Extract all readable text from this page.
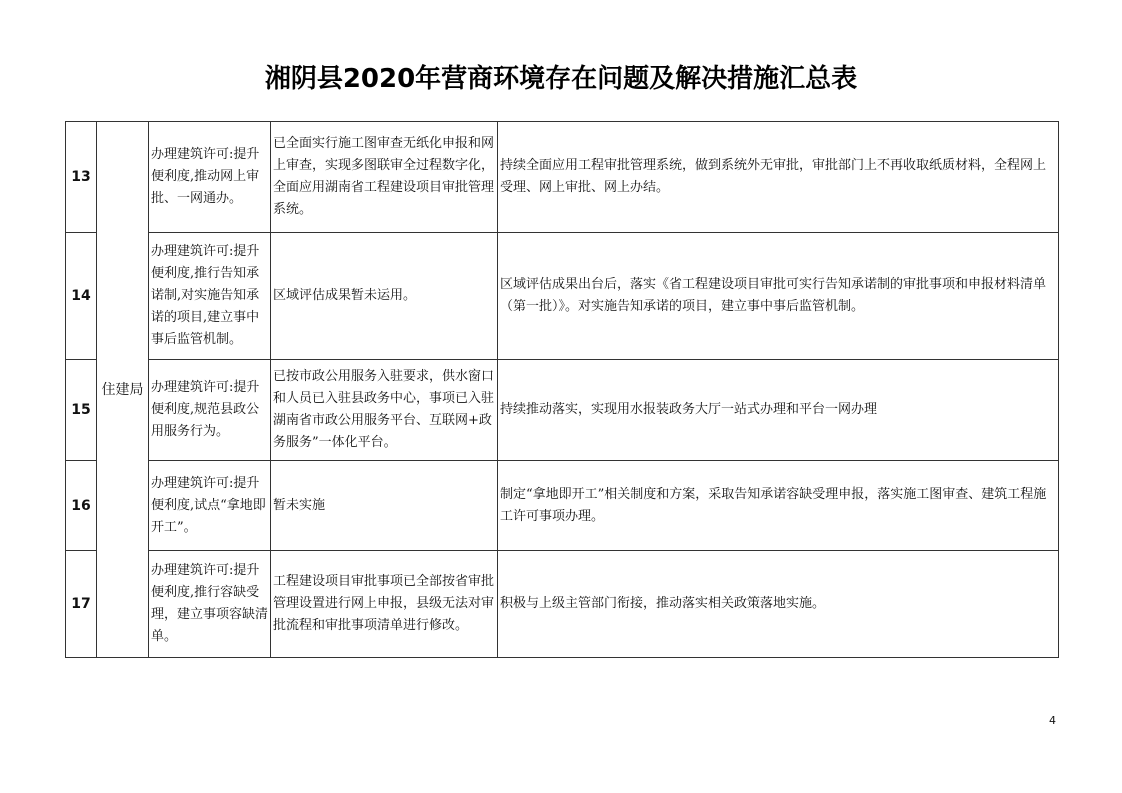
湘阴县2020年营商环境存在问题及解决措施汇总表
13	住建局	办理建筑许可:提升便利度,推动网上审批、一网通办。	已全面实行施工图审查无纸化申报和网上审查，实现多图联审全过程数字化，全面应用湖南省工程建设项目审批管理系统。	持续全面应用工程审批管理系统，做到系统外无审批，审批部门上不再收取纸质材料，全程网上受理、网上审批、网上办结。
14		办理建筑许可:提升便利度,推行告知承诺制,对实施告知承诺的项目,建立事中事后监管机制。	区域评估成果暂未运用。	区域评估成果出台后，落实《省工程建设项目审批可实行告知承诺制的审批事项和申报材料清单（第一批）》。对实施告知承诺的项目，建立事中事后监管机制。
15		办理建筑许可:提升便利度,规范县政公用服务行为。	已按市政公用服务入驻要求，供水窗口和人员已入驻县政务中心，事项已入驻湖南省市政公用服务平台、互联网+政务服务”一体化平台。	持续推动落实，实现用水报装政务大厅一站式办理和平台一网办理
16		办理建筑许可:提升便利度,试点“拿地即开工”。	暂未实施	制定“拿地即开工”相关制度和方案，采取告知承诺容缺受理申报，落实施工图审查、建筑工程施工许可事项办理。
17		办理建筑许可:提升便利度,推行容缺受理，建立事项容缺清单。	工程建设项目审批事项已全部按省审批管理设置进行网上申报，县级无法对审批流程和审批事项清单进行修改。	积极与上级主管部门衔接，推动落实相关政策落地实施。
4
